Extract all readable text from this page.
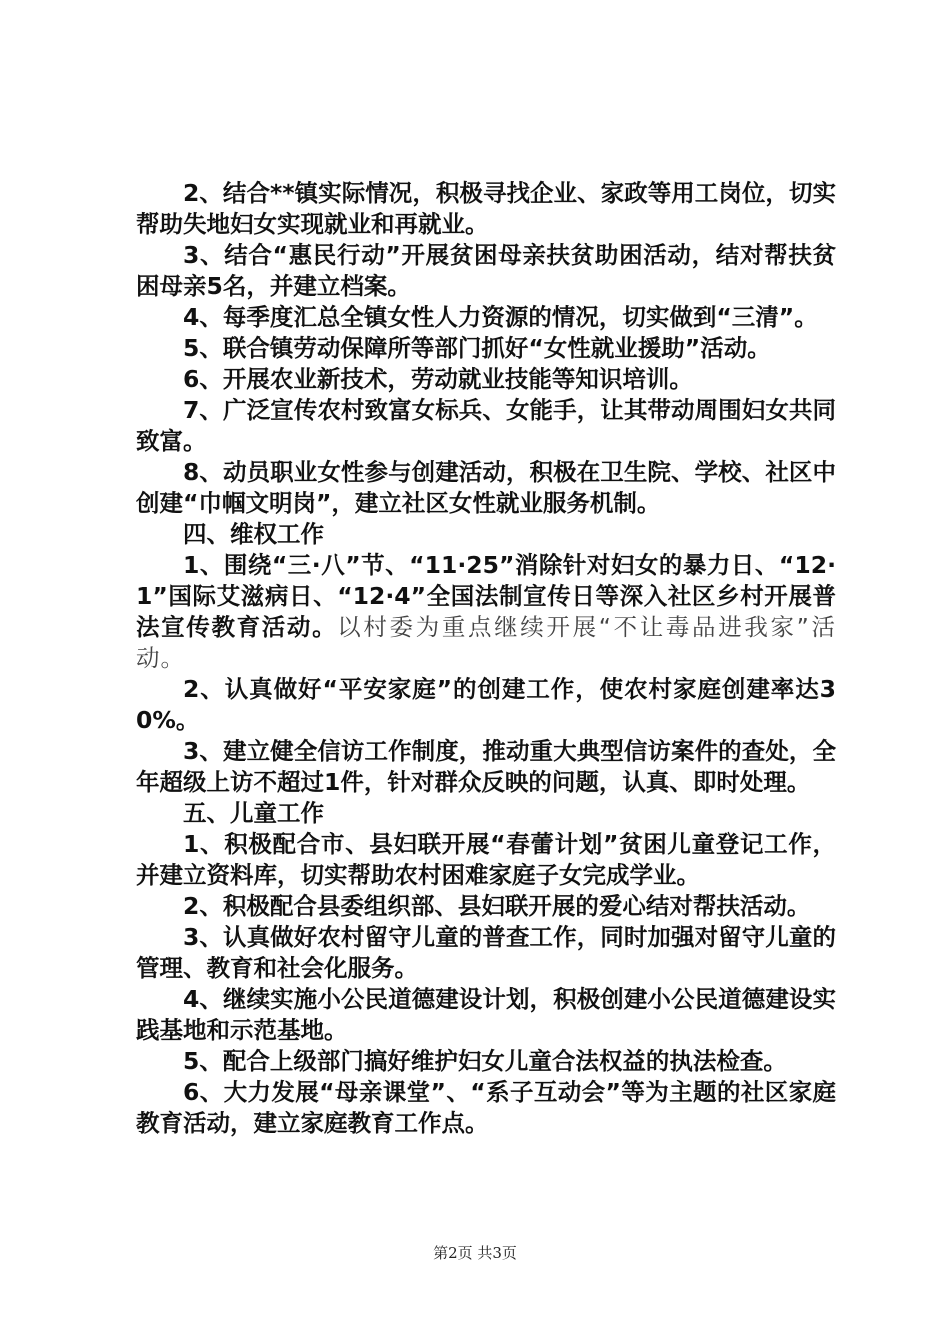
2、结合**镇实际情况，积极寻找企业、家政等用工岗位，切实帮助失地妇女实现就业和再就业。

3、结合“惠民行动”开展贫困母亲扶贫助困活动，结对帮扶贫困母亲5名，并建立档案。

4、每季度汇总全镇女性人力资源的情况，切实做到“三清”。

5、联合镇劳动保障所等部门抓好“女性就业援助”活动。

6、开展农业新技术，劳动就业技能等知识培训。

7、广泛宣传农村致富女标兵、女能手，让其带动周围妇女共同致富。

8、动员职业女性参与创建活动，积极在卫生院、学校、社区中创建“巾帼文明岗”，建立社区女性就业服务机制。

四、维权工作

1、围绕“三·八”节、“11·25”消除针对妇女的暴力日、“12·1”国际艾滋病日、“12·4”全国法制宣传日等深入社区乡村开展普法宣传教育活动。以村委为重点继续开展“不让毒品进我家”活动。

2、认真做好“平安家庭”的创建工作，使农村家庭创建率达30%。

3、建立健全信访工作制度，推动重大典型信访案件的查处，全年超级上访不超过1件，针对群众反映的问题，认真、即时处理。

五、儿童工作

1、积极配合市、县妇联开展“春蕾计划”贫困儿童登记工作，并建立资料库，切实帮助农村困难家庭子女完成学业。

2、积极配合县委组织部、县妇联开展的爱心结对帮扶活动。

3、认真做好农村留守儿童的普查工作，同时加强对留守儿童的管理、教育和社会化服务。

4、继续实施小公民道德建设计划，积极创建小公民道德建设实践基地和示范基地。

5、配合上级部门搞好维护妇女儿童合法权益的执法检查。

6、大力发展“母亲课堂”、“系子互动会”等为主题的社区家庭教育活动，建立家庭教育工作点。

第2页 共3页
